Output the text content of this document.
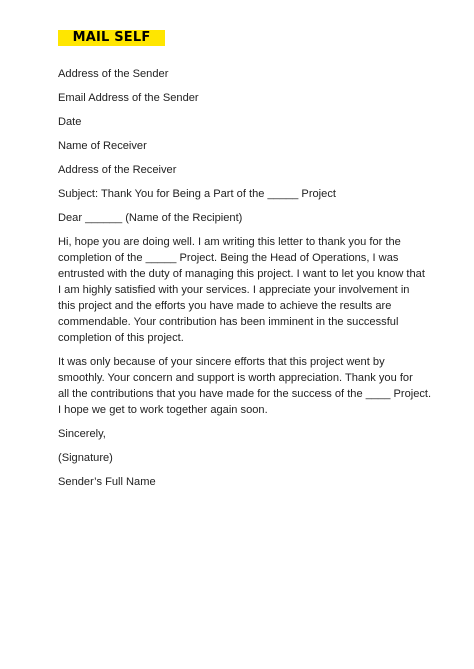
MAIL SELF
Address of the Sender
Email Address of the Sender
Date
Name of Receiver
Address of the Receiver
Subject: Thank You for Being a Part of the _____ Project
Dear ______ (Name of the Recipient)
Hi, hope you are doing well. I am writing this letter to thank you for the
completion of the _____ Project. Being the Head of Operations, I was
entrusted with the duty of managing this project. I want to let you know that
I am highly satisfied with your services. I appreciate your involvement in
this project and the efforts you have made to achieve the results are
commendable. Your contribution has been imminent in the successful
completion of this project.
It was only because of your sincere efforts that this project went by
smoothly. Your concern and support is worth appreciation. Thank you for
all the contributions that you have made for the success of the ____ Project.
I hope we get to work together again soon.
Sincerely,
(Signature)
Sender’s Full Name
